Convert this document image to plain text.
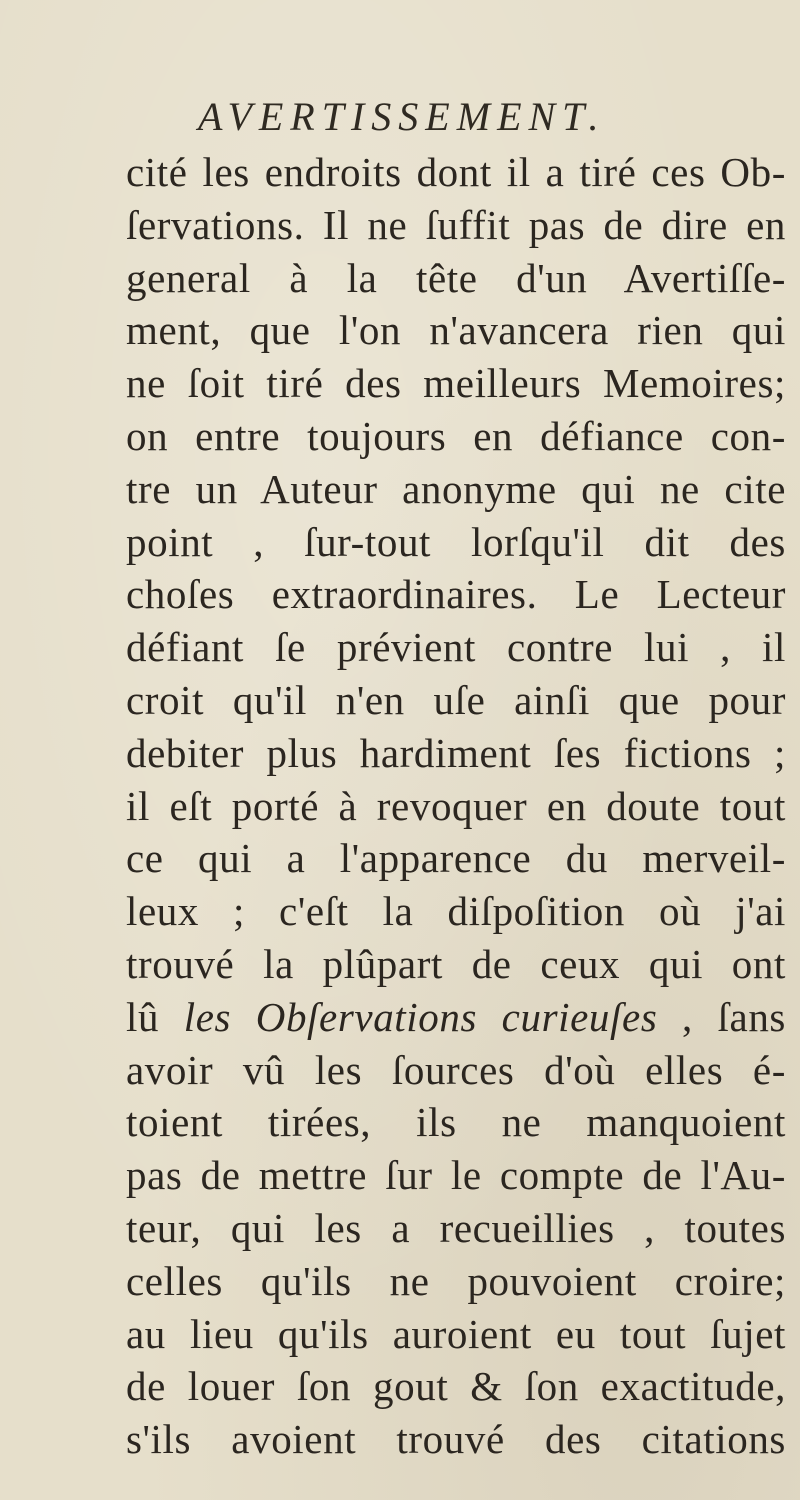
AVERTISSEMENT.
cité les endroits dont il a tiré ces Ob-
ſervations. Il ne ſuffit pas de dire en
general à la tête d'un Avertiſſe-
ment, que l'on n'avancera rien qui
ne ſoit tiré des meilleurs Memoires;
on entre toujours en défiance con-
tre un Auteur anonyme qui ne cite
point , ſur-tout lorſqu'il dit des
choſes extraordinaires. Le Lecteur
défiant ſe prévient contre lui , il
croit qu'il n'en uſe ainſi que pour
debiter plus hardiment ſes fictions ;
il eſt porté à revoquer en doute tout
ce qui a l'apparence du merveil-
leux ; c'eſt la diſpoſition où j'ai
trouvé la plûpart de ceux qui ont
lû les Obſervations curieuſes , ſans
avoir vû les ſources d'où elles é-
toient tirées, ils ne manquoient
pas de mettre ſur le compte de l'Au-
teur, qui les a recueillies , toutes
celles qu'ils ne pouvoient croire;
au lieu qu'ils auroient eu tout ſujet
de louer ſon gout & ſon exactitude,
s'ils avoient trouvé des citations
